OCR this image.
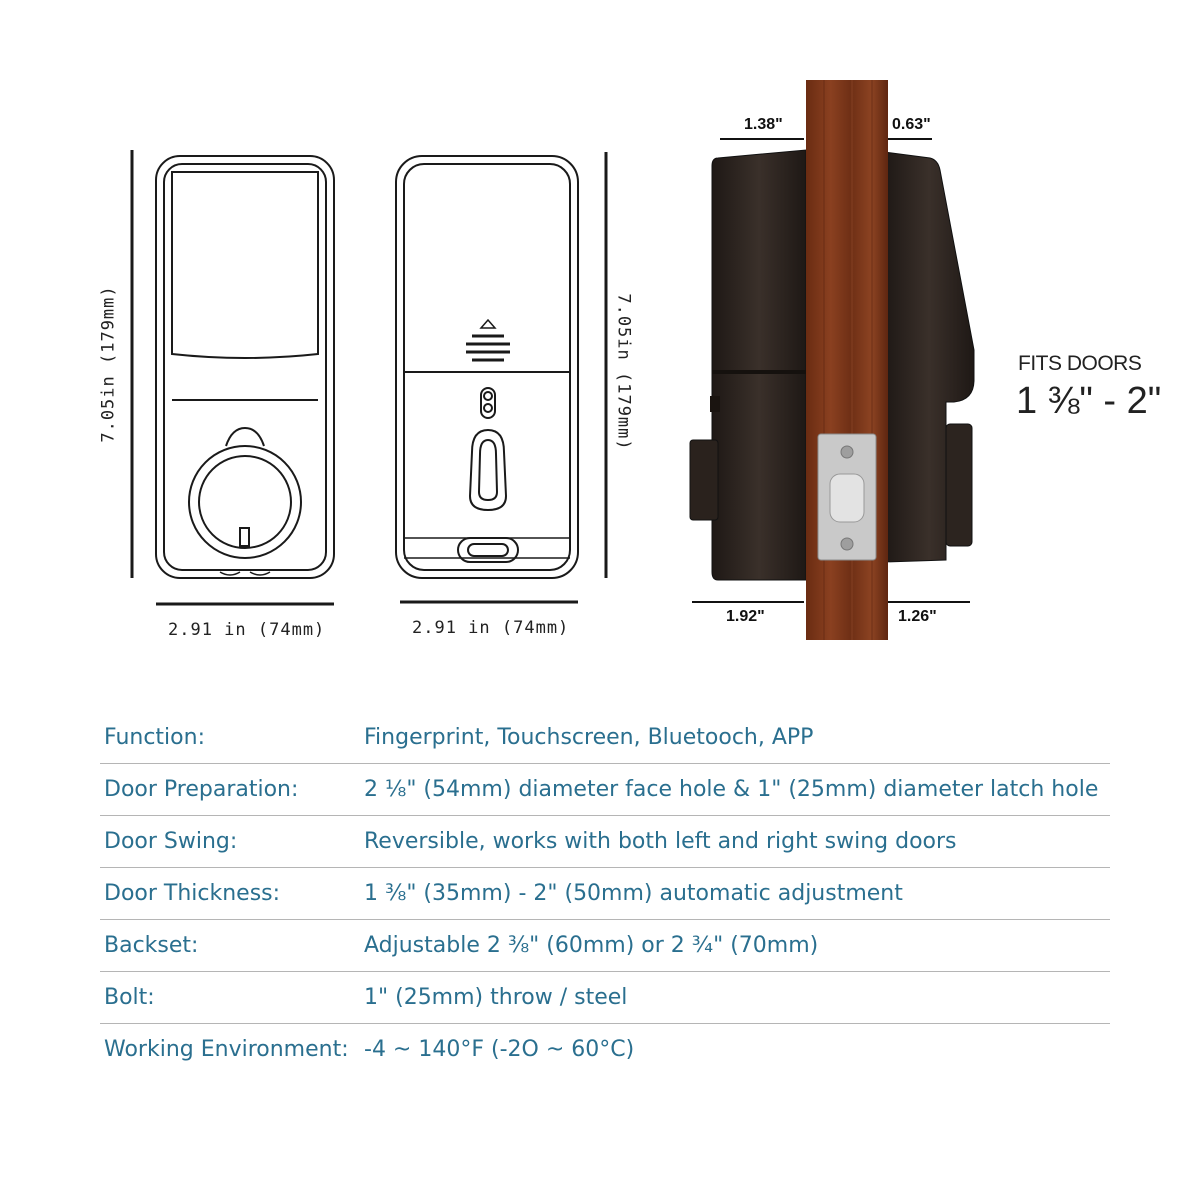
7.05in (179mm)
2.91 in (74mm)
7.05in (179mm)
2.91 in (74mm)
1.38"	0.63"
1.92"	1.26"
FITS DOORS
1 ⅜" - 2"
Function:	Fingerprint, Touchscreen, Bluetooch, APP
Door Preparation:	2 ⅛" (54mm) diameter face hole & 1" (25mm) diameter latch hole
Door Swing:	Reversible, works with both left and right swing doors
Door Thickness:	1 ⅜" (35mm) - 2" (50mm) automatic adjustment
Backset:	Adjustable 2 ⅜" (60mm) or 2 ¾" (70mm)
Bolt:	1" (25mm) throw / steel
Working Environment:	-4 ~ 140°F (-2O ~ 60°C)
